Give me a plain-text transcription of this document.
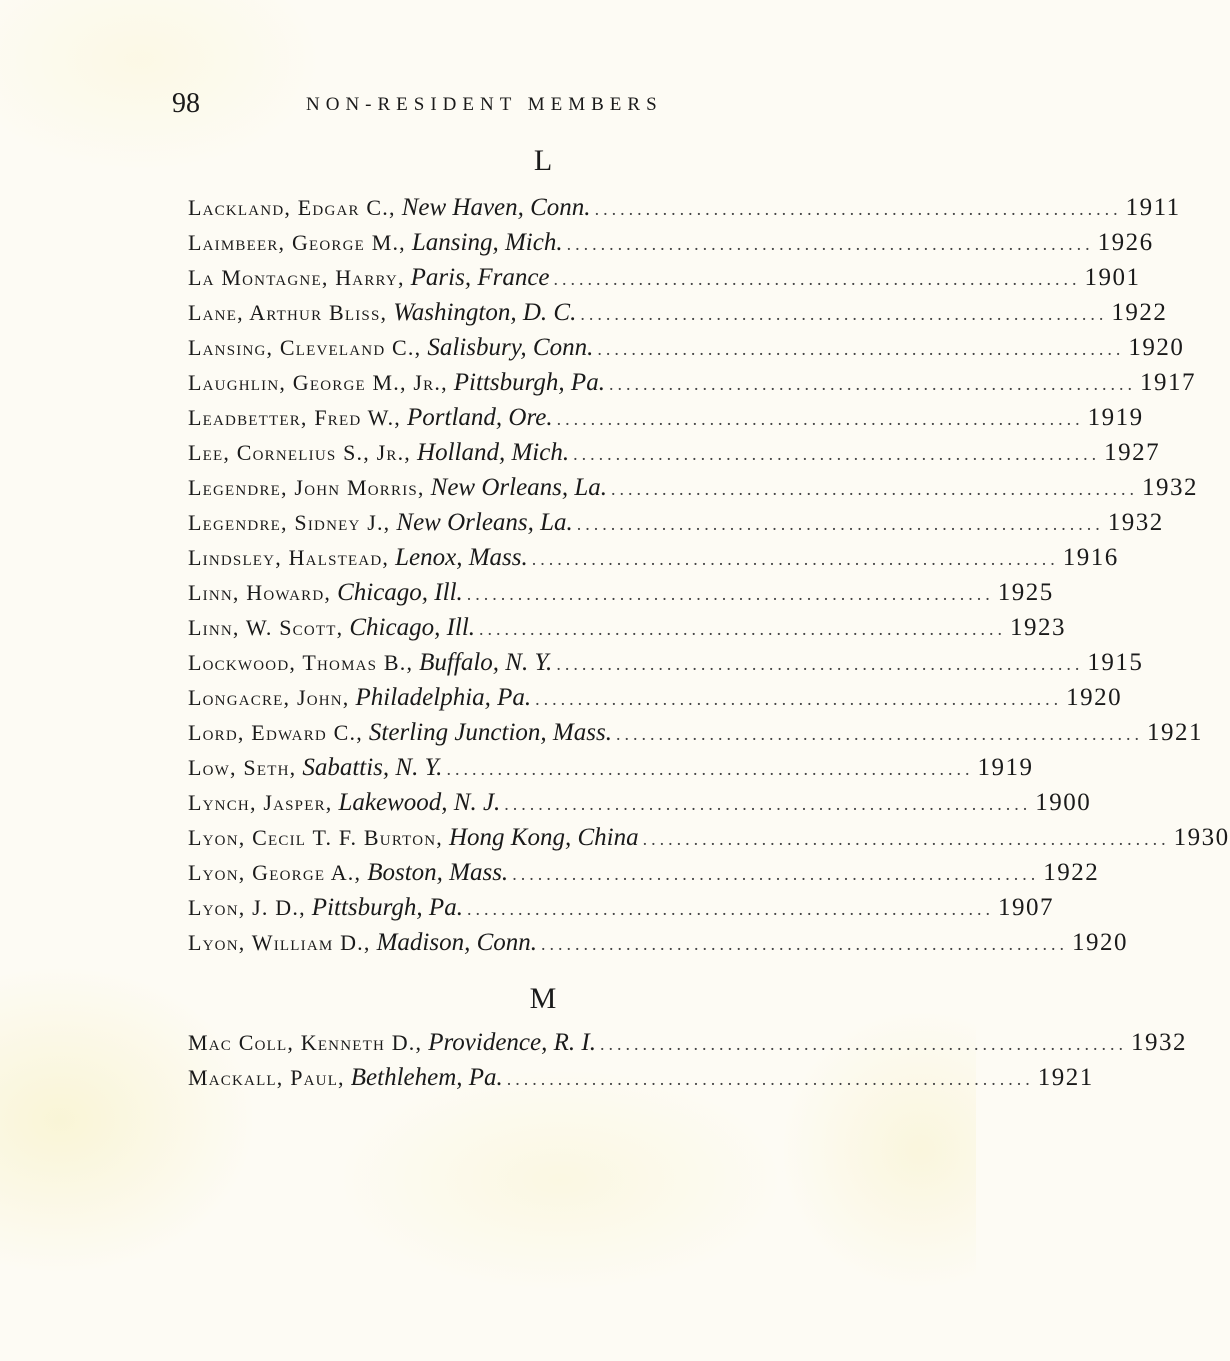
98	NON-RESIDENT MEMBERS
L
Lackland, Edgar C., New Haven, Conn. .............................................................. 1911
Laimbeer, George M., Lansing, Mich. .............................................................. 1926
La Montagne, Harry, Paris, France .............................................................. 1901
Lane, Arthur Bliss, Washington, D. C. .............................................................. 1922
Lansing, Cleveland C., Salisbury, Conn. .............................................................. 1920
Laughlin, George M., Jr., Pittsburgh, Pa. .............................................................. 1917
Leadbetter, Fred W., Portland, Ore. .............................................................. 1919
Lee, Cornelius S., Jr., Holland, Mich. .............................................................. 1927
Legendre, John Morris, New Orleans, La. .............................................................. 1932
Legendre, Sidney J., New Orleans, La. .............................................................. 1932
Lindsley, Halstead, Lenox, Mass. .............................................................. 1916
Linn, Howard, Chicago, Ill. .............................................................. 1925
Linn, W. Scott, Chicago, Ill. .............................................................. 1923
Lockwood, Thomas B., Buffalo, N. Y. .............................................................. 1915
Longacre, John, Philadelphia, Pa. .............................................................. 1920
Lord, Edward C., Sterling Junction, Mass. .............................................................. 1921
Low, Seth, Sabattis, N. Y. .............................................................. 1919
Lynch, Jasper, Lakewood, N. J. .............................................................. 1900
Lyon, Cecil T. F. Burton, Hong Kong, China .............................................................. 1930
Lyon, George A., Boston, Mass. .............................................................. 1922
Lyon, J. D., Pittsburgh, Pa. .............................................................. 1907
Lyon, William D., Madison, Conn. .............................................................. 1920
M
Mac Coll, Kenneth D., Providence, R. I. .............................................................. 1932
Mackall, Paul, Bethlehem, Pa. .............................................................. 1921
